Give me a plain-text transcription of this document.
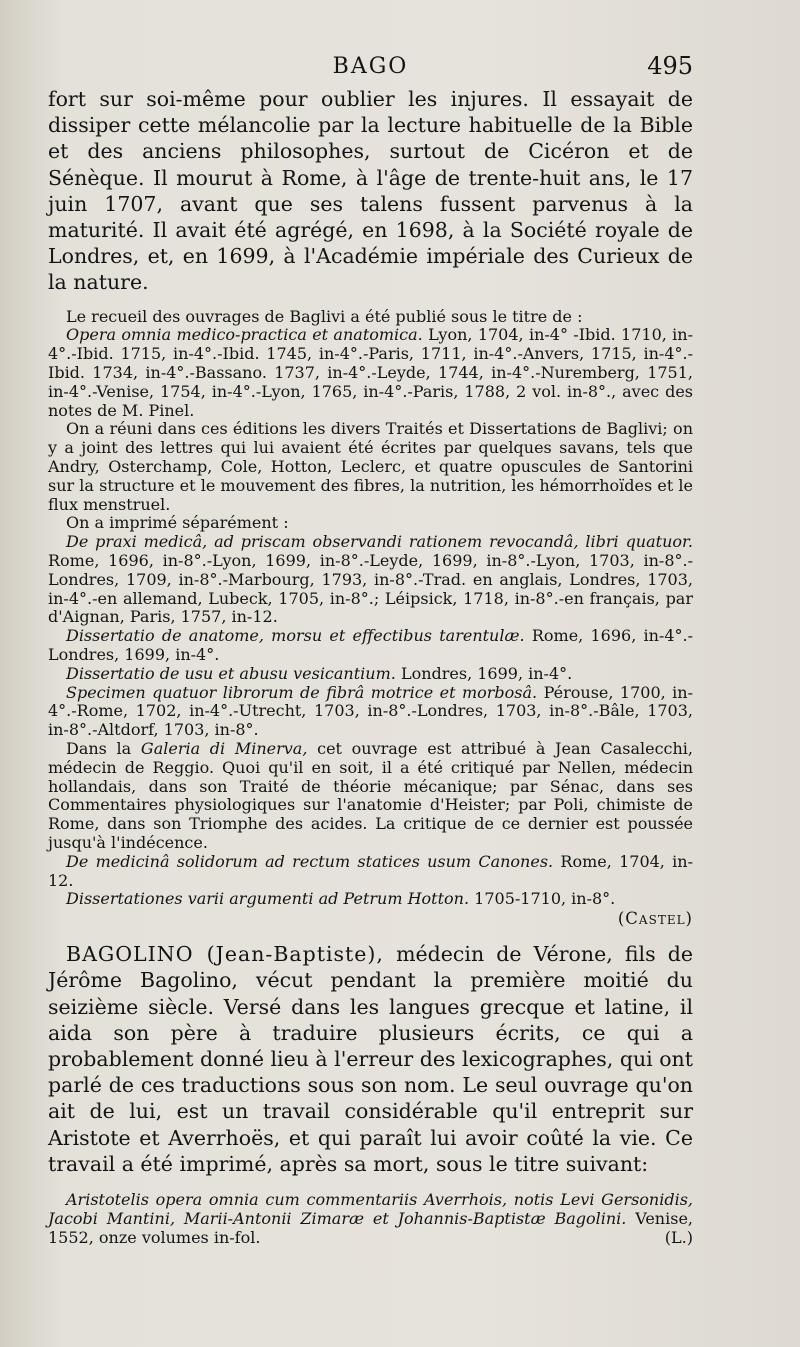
BAGO	495

fort sur soi-même pour oublier les injures. Il essayait de dissiper cette mélancolie par la lecture habituelle de la Bible et des anciens philosophes, surtout de Cicéron et de Sénèque. Il mourut à Rome, à l'âge de trente-huit ans, le 17 juin 1707, avant que ses talens fussent parvenus à la maturité. Il avait été agrégé, en 1698, à la Société royale de Londres, et, en 1699, à l'Académie impériale des Curieux de la nature.

Le recueil des ouvrages de Baglivi a été publié sous le titre de :

Opera omnia medico-practica et anatomica. Lyon, 1704, in-4° -Ibid. 1710, in-4°.-Ibid. 1715, in-4°.-Ibid. 1745, in-4°.-Paris, 1711, in-4°.-Anvers, 1715, in-4°.-Ibid. 1734, in-4°.-Bassano. 1737, in-4°.-Leyde, 1744, in-4°.-Nuremberg, 1751, in-4°.-Venise, 1754, in-4°.-Lyon, 1765, in-4°.-Paris, 1788, 2 vol. in-8°., avec des notes de M. Pinel.

On a réuni dans ces éditions les divers Traités et Dissertations de Baglivi; on y a joint des lettres qui lui avaient été écrites par quelques savans, tels que Andry, Osterchamp, Cole, Hotton, Leclerc, et quatre opuscules de Santorini sur la structure et le mouvement des fibres, la nutrition, les hémorrhoïdes et le flux menstruel.

On a imprimé séparément :

De praxi medicâ, ad priscam observandi rationem revocandâ, libri quatuor. Rome, 1696, in-8°.-Lyon, 1699, in-8°.-Leyde, 1699, in-8°.-Lyon, 1703, in-8°.-Londres, 1709, in-8°.-Marbourg, 1793, in-8°.-Trad. en anglais, Londres, 1703, in-4°.-en allemand, Lubeck, 1705, in-8°.; Léipsick, 1718, in-8°.-en français, par d'Aignan, Paris, 1757, in-12.

Dissertatio de anatome, morsu et effectibus tarentulæ. Rome, 1696, in-4°.-Londres, 1699, in-4°.

Dissertatio de usu et abusu vesicantium. Londres, 1699, in-4°.

Specimen quatuor librorum de fibrâ motrice et morbosâ. Pérouse, 1700, in-4°.-Rome, 1702, in-4°.-Utrecht, 1703, in-8°.-Londres, 1703, in-8°.-Bâle, 1703, in-8°.-Altdorf, 1703, in-8°.

Dans la Galeria di Minerva, cet ouvrage est attribué à Jean Casalecchi, médecin de Reggio. Quoi qu'il en soit, il a été critiqué par Nellen, médecin hollandais, dans son Traité de théorie mécanique; par Sénac, dans ses Commentaires physiologiques sur l'anatomie d'Heister; par Poli, chimiste de Rome, dans son Triomphe des acides. La critique de ce dernier est poussée jusqu'à l'indécence.

De medicinâ solidorum ad rectum statices usum Canones. Rome, 1704, in-12.

Dissertationes varii argumenti ad Petrum Hotton. 1705-1710, in-8°.

(Castel)

BAGOLINO (Jean-Baptiste), médecin de Vérone, fils de Jérôme Bagolino, vécut pendant la première moitié du seizième siècle. Versé dans les langues grecque et latine, il aida son père à traduire plusieurs écrits, ce qui a probablement donné lieu à l'erreur des lexicographes, qui ont parlé de ces traductions sous son nom. Le seul ouvrage qu'on ait de lui, est un travail considérable qu'il entreprit sur Aristote et Averrhoës, et qui paraît lui avoir coûté la vie. Ce travail a été imprimé, après sa mort, sous le titre suivant:

Aristotelis opera omnia cum commentariis Averrhois, notis Levi Gersonidis, Jacobi Mantini, Marii-Antonii Zimaræ et Johannis-Baptistæ Bagolini. Venise, 1552, onze volumes in-fol.	(L.)
